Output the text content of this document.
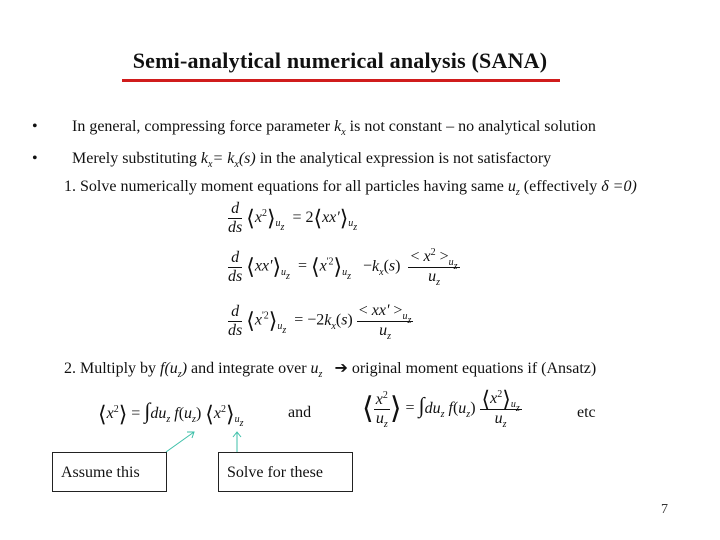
Semi-analytical numerical analysis (SANA)
• In general, compressing force parameter $k_x$ is not constant – no analytical solution
• Merely substituting $k_x= k_x(s)$ in the analytical expression is not satisfactory
1. Solve numerically moment equations for all particles having same $u_z$ (effectively δ =0)
$\frac{d}{ds}$ $⟨x^2⟩_{u_z}$  = $2⟨xx'⟩_{u_z}$
$\frac{d}{ds}$ $⟨xx'⟩_{u_z}$  = $⟨x^{'2}⟩_{u_z} -k_x(s) \frac{< x^2 >_{u_z}}{u_z}$
$\frac{d}{ds}$ $⟨x^{'2}⟩_{u_z} = -2k_x(s) \frac{< xx' >_{u_z}}{u_z}$
2. Multiply by $f(u_z)$ and integrate over $u_z$ ➔ original moment equations if (Ansatz)
$⟨x^2⟩ = \int du_z$ $f(u_z)$ $⟨x^2⟩_{u_z}$
and ⟨ $\frac{x^2}{u_z}$ ⟩ = $\int du_z$ $f(u_z) \frac{⟨x^2⟩_{u_z}}{u_z}$	etc
Assume this	Solve for these
7
